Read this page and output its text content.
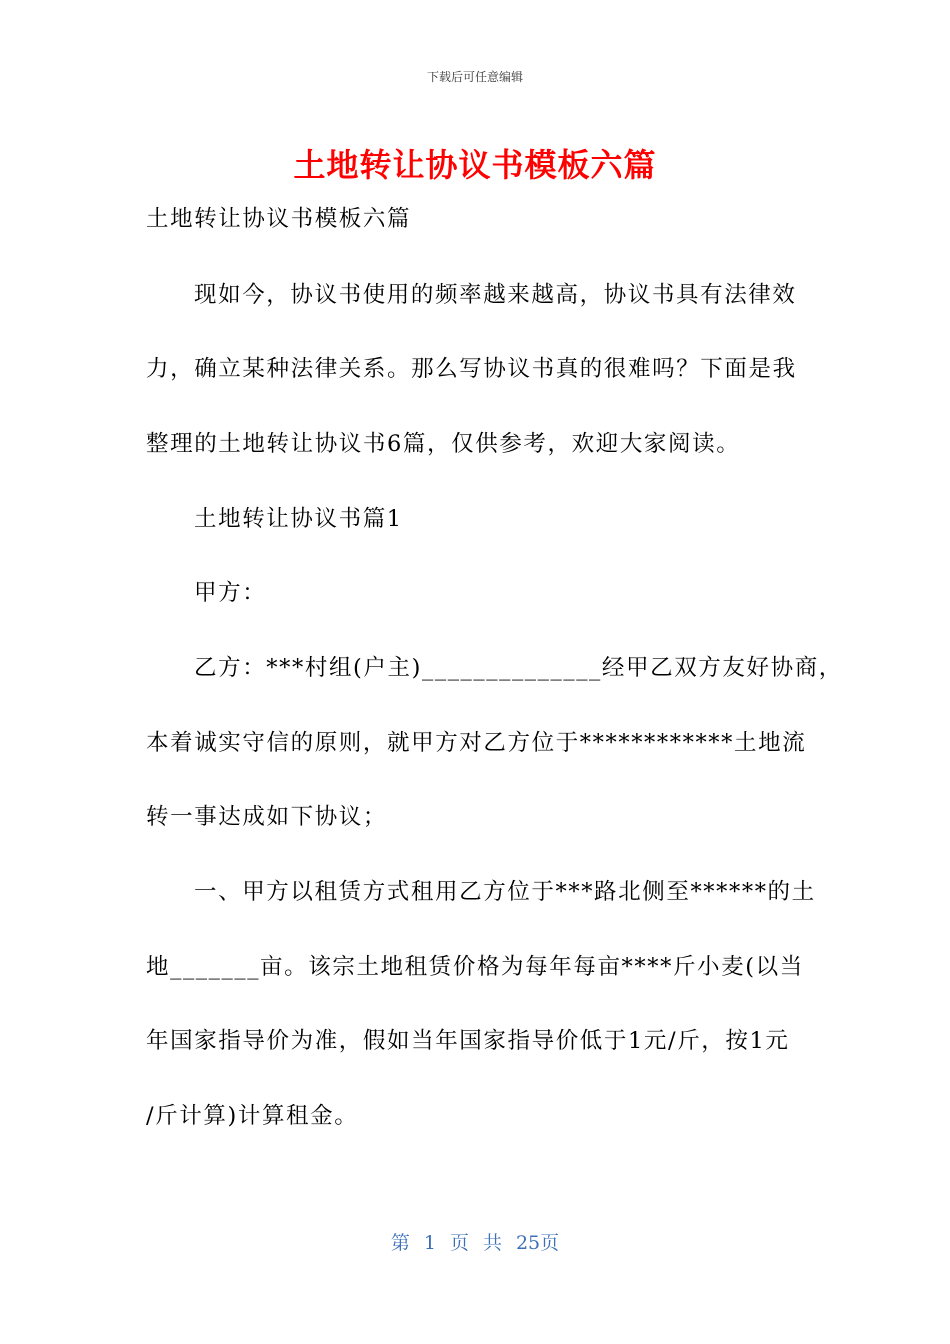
下载后可任意编辑
土地转让协议书模板六篇
土地转让协议书模板六篇
现如今，协议书使用的频率越来越高，协议书具有法律效
力，确立某种法律关系。那么写协议书真的很难吗？下面是我
整理的土地转让协议书6篇，仅供参考，欢迎大家阅读。
土地转让协议书篇1
甲方：
乙方：***村组(户主)______________经甲乙双方友好协商，
本着诚实守信的原则，就甲方对乙方位于************土地流
转一事达成如下协议；
一、甲方以租赁方式租用乙方位于***路北侧至******的土
地_______亩。该宗土地租赁价格为每年每亩****斤小麦(以当
年国家指导价为准，假如当年国家指导价低于1元/斤，按1元
/斤计算)计算租金。
第 1 页 共 25页
